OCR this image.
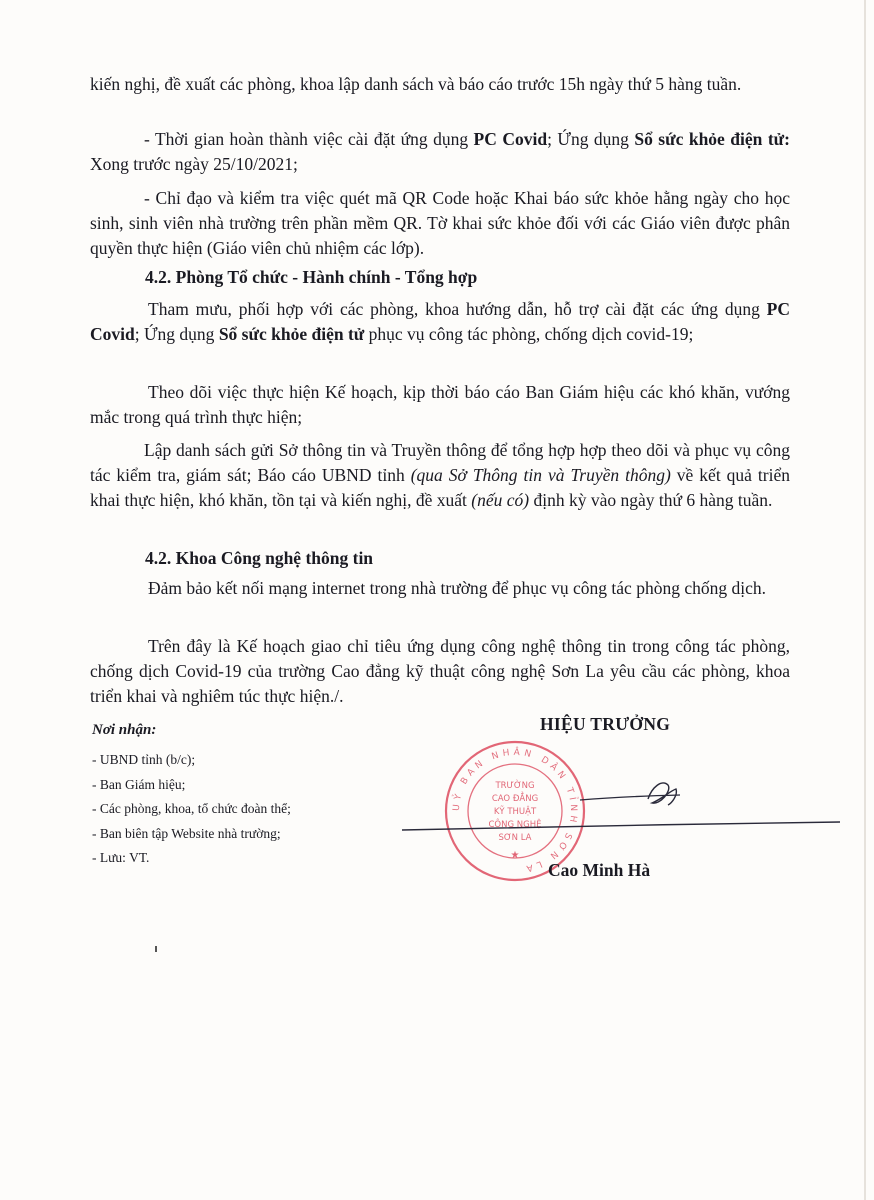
kiến nghị, đề xuất các phòng, khoa lập danh sách và báo cáo trước 15h ngày thứ 5 hàng tuần.
- Thời gian hoàn thành việc cài đặt ứng dụng PC Covid; Ứng dụng Sổ sức khỏe điện tử: Xong trước ngày 25/10/2021;
- Chỉ đạo và kiểm tra việc quét mã QR Code hoặc Khai báo sức khỏe hằng ngày cho học sinh, sinh viên nhà trường trên phần mềm QR. Tờ khai sức khỏe đối với các Giáo viên được phân quyền thực hiện (Giáo viên chủ nhiệm các lớp).
4.2. Phòng Tổ chức - Hành chính - Tổng hợp
Tham mưu, phối hợp với các phòng, khoa hướng dẫn, hỗ trợ cài đặt các ứng dụng PC Covid; Ứng dụng Sổ sức khỏe điện tử phục vụ công tác phòng, chống dịch covid-19;
Theo dõi việc thực hiện Kế hoạch, kịp thời báo cáo Ban Giám hiệu các khó khăn, vướng mắc trong quá trình thực hiện;
Lập danh sách gửi Sở thông tin và Truyền thông để tổng hợp hợp theo dõi và phục vụ công tác kiểm tra, giám sát; Báo cáo UBND tỉnh (qua Sở Thông tin và Truyền thông) về kết quả triển khai thực hiện, khó khăn, tồn tại và kiến nghị, đề xuất (nếu có) định kỳ vào ngày thứ 6 hàng tuần.
4.2. Khoa Công nghệ thông tin
Đảm bảo kết nối mạng internet trong nhà trường để phục vụ công tác phòng chống dịch.
Trên đây là Kế hoạch giao chỉ tiêu ứng dụng công nghệ thông tin trong công tác phòng, chống dịch Covid-19 của trường Cao đẳng kỹ thuật công nghệ Sơn La yêu cầu các phòng, khoa triển khai và nghiêm túc thực hiện./.
Nơi nhận:
- UBND tỉnh (b/c);
- Ban Giám hiệu;
- Các phòng, khoa, tổ chức đoàn thể;
- Ban biên tập Website nhà trường;
- Lưu: VT.
HIỆU TRƯỞNG
UỶ BAN NHÂN DÂN TỈNH SƠN LA
★
TRƯỜNG
CAO ĐẲNG
KỸ THUẬT
CÔNG NGHỆ
SƠN LA
Cao Minh Hà
